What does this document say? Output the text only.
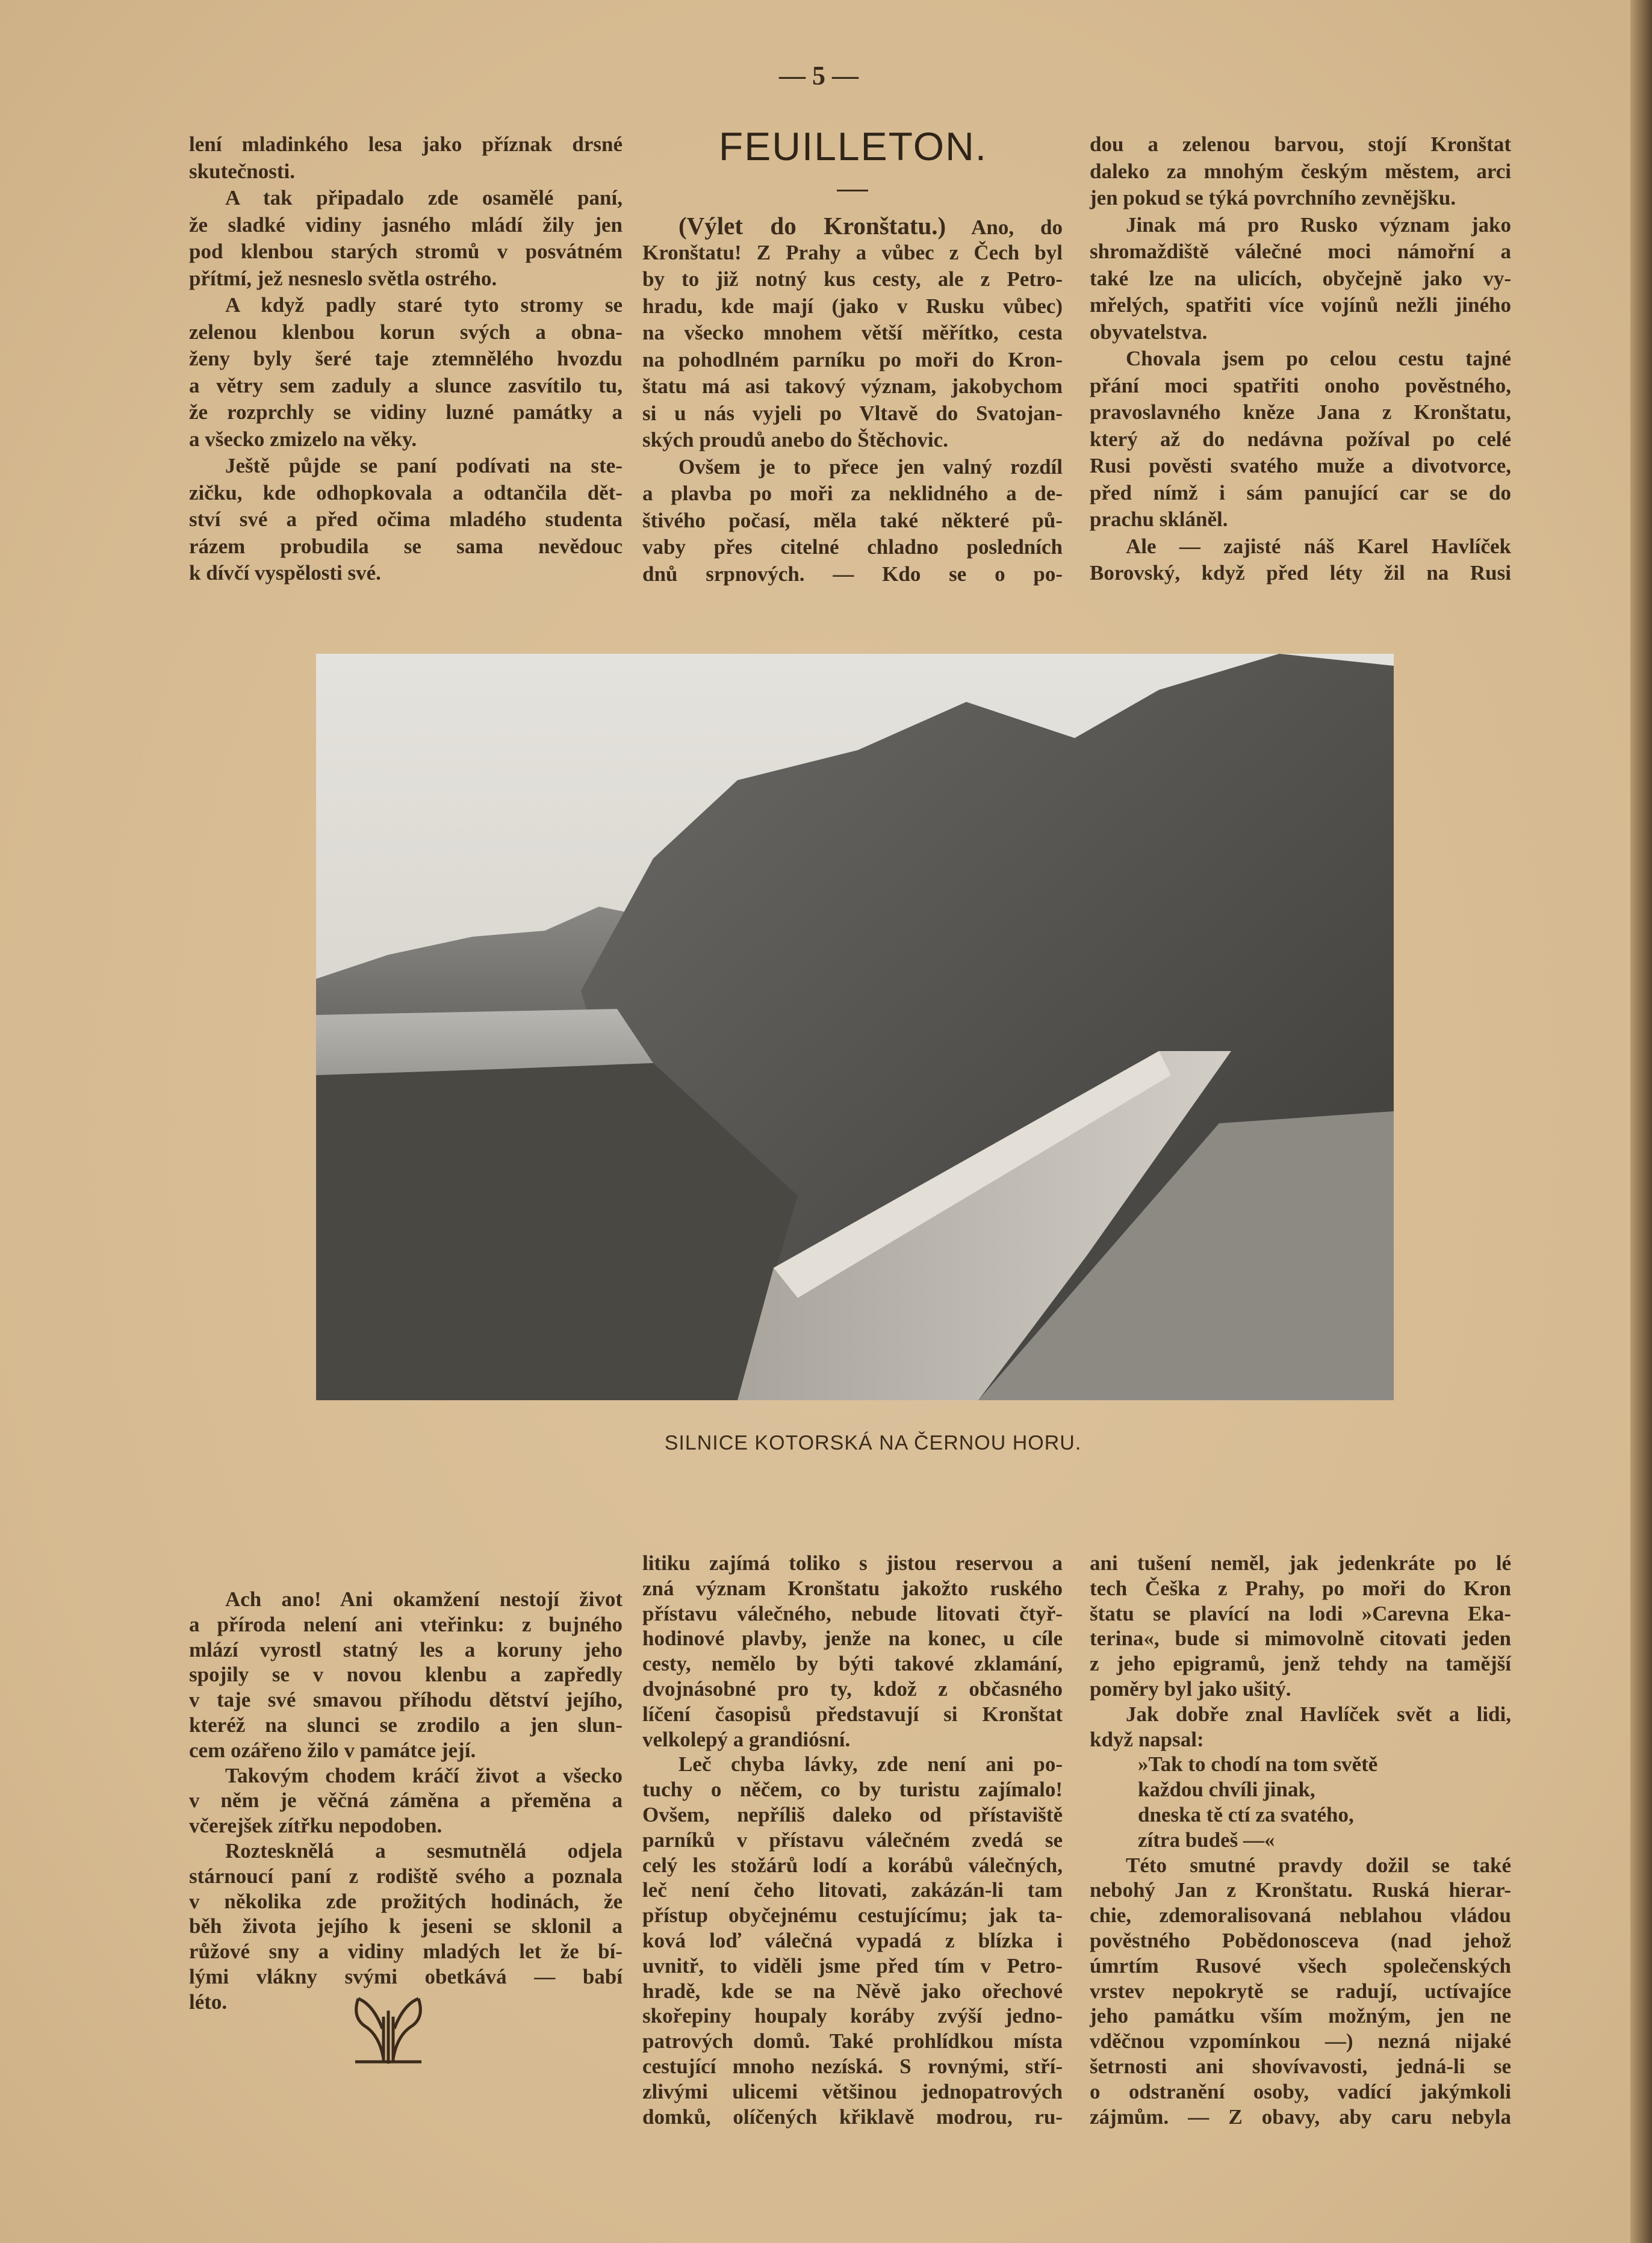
— 5 —
FEUILLETON.
lení mladinkého lesa jako příznak drsné
skutečnosti.
A tak připadalo zde osamělé paní,
že sladké vidiny jasného mládí žily jen
pod klenbou starých stromů v posvátném
přítmí, jež nesneslo světla ostrého.
A když padly staré tyto stromy se
zelenou klenbou korun svých a obna-
ženy byly šeré taje ztemnělého hvozdu
a větry sem zaduly a slunce zasvítilo tu,
že rozprchly se vidiny luzné památky a
a všecko zmizelo na věky.
Ještě půjde se paní podívati na ste-
zičku, kde odhopkovala a odtančila dět-
ství své a před očima mladého studenta
rázem probudila se sama nevědouc
k dívčí vyspělosti své.
(Výlet do Kronštatu.) Ano, do
Kronštatu! Z Prahy a vůbec z Čech byl
by to již notný kus cesty, ale z Petro-
hradu, kde mají (jako v Rusku vůbec)
na všecko mnohem větší měřítko, cesta
na pohodlném parníku po moři do Kron-
štatu má asi takový význam, jakobychom
si u nás vyjeli po Vltavě do Svatojan-
ských proudů anebo do Štěchovic.
Ovšem je to přece jen valný rozdíl
a plavba po moři za neklidného a de-
štivého počasí, měla také některé pů-
vaby přes citelné chladno posledních
dnů srpnových. — Kdo se o po-
dou a zelenou barvou, stojí Kronštat
daleko za mnohým českým městem, arci
jen pokud se týká povrchního zevnějšku.
Jinak má pro Rusko význam jako
shromaždiště válečné moci námořní a
také lze na ulicích, obyčejně jako vy-
mřelých, spatřiti více vojínů nežli jiného
obyvatelstva.
Chovala jsem po celou cestu tajné
přání moci spatřiti onoho pověstného,
pravoslavného kněze Jana z Kronštatu,
který až do nedávna požíval po celé
Rusi pověsti svatého muže a divotvorce,
před nímž i sám panující car se do
prachu skláněl.
Ale — zajisté náš Karel Havlíček
Borovský, když před léty žil na Rusi
SILNICE KOTORSKÁ NA ČERNOU HORU.
Ach ano! Ani okamžení nestojí život
a příroda nelení ani vteřinku: z bujného
mlází vyrostl statný les a koruny jeho
spojily se v novou klenbu a zapředly
v taje své smavou příhodu dětství jejího,
kteréž na slunci se zrodilo a jen slun-
cem ozářeno žilo v památce její.
Takovým chodem kráčí život a všecko
v něm je věčná záměna a přeměna a
včerejšek zítřku nepodoben.
Roztesknělá a sesmutnělá odjela
stárnoucí paní z rodiště svého a poznala
v několika zde prožitých hodinách, že
běh života jejího k jeseni se sklonil a
růžové sny a vidiny mladých let že bí-
lými vlákny svými obetkává — babí
léto.
litiku zajímá toliko s jistou reservou a
zná význam Kronštatu jakožto ruského
přístavu válečného, nebude litovati čtyř-
hodinové plavby, jenže na konec, u cíle
cesty, nemělo by býti takové zklamání,
dvojnásobné pro ty, kdož z občasného
líčení časopisů představují si Kronštat
velkolepý a grandiósní.
Leč chyba lávky, zde není ani po-
tuchy o něčem, co by turistu zajímalo!
Ovšem, nepříliš daleko od přístaviště
parníků v přístavu válečném zvedá se
celý les stožárů lodí a korábů válečných,
leč není čeho litovati, zakázán-li tam
přístup obyčejnému cestujícímu; jak ta-
ková loď válečná vypadá z blízka i
uvnitř, to viděli jsme před tím v Petro-
hradě, kde se na Něvě jako ořechové
skořepiny houpaly koráby zvýší jedno-
patrových domů. Také prohlídkou místa
cestující mnoho nezíská. S rovnými, stří-
zlivými ulicemi většinou jednopatrových
domků, olíčených křiklavě modrou, ru-
ani tušení neměl, jak jedenkráte po lé
tech Češka z Prahy, po moři do Kron
štatu se plavící na lodi »Carevna Eka-
terina«, bude si mimovolně citovati jeden
z jeho epigramů, jenž tehdy na tamější
poměry byl jako ušitý.
Jak dobře znal Havlíček svět a lidi,
když napsal:
»Tak to chodí na tom světě
každou chvíli jinak,
dneska tě ctí za svatého,
zítra budeš —«
Této smutné pravdy dožil se také
nebohý Jan z Kronštatu. Ruská hierar-
chie, zdemoralisovaná neblahou vládou
pověstného Pobědonosceva (nad jehož
úmrtím Rusové všech společenských
vrstev nepokrytě se radují, uctívajíce
jeho památku vším možným, jen ne
vděčnou vzpomínkou —) nezná nijaké
šetrnosti ani shovívavosti, jedná-li se
o odstranění osoby, vadící jakýmkoli
zájmům. — Z obavy, aby caru nebyla
